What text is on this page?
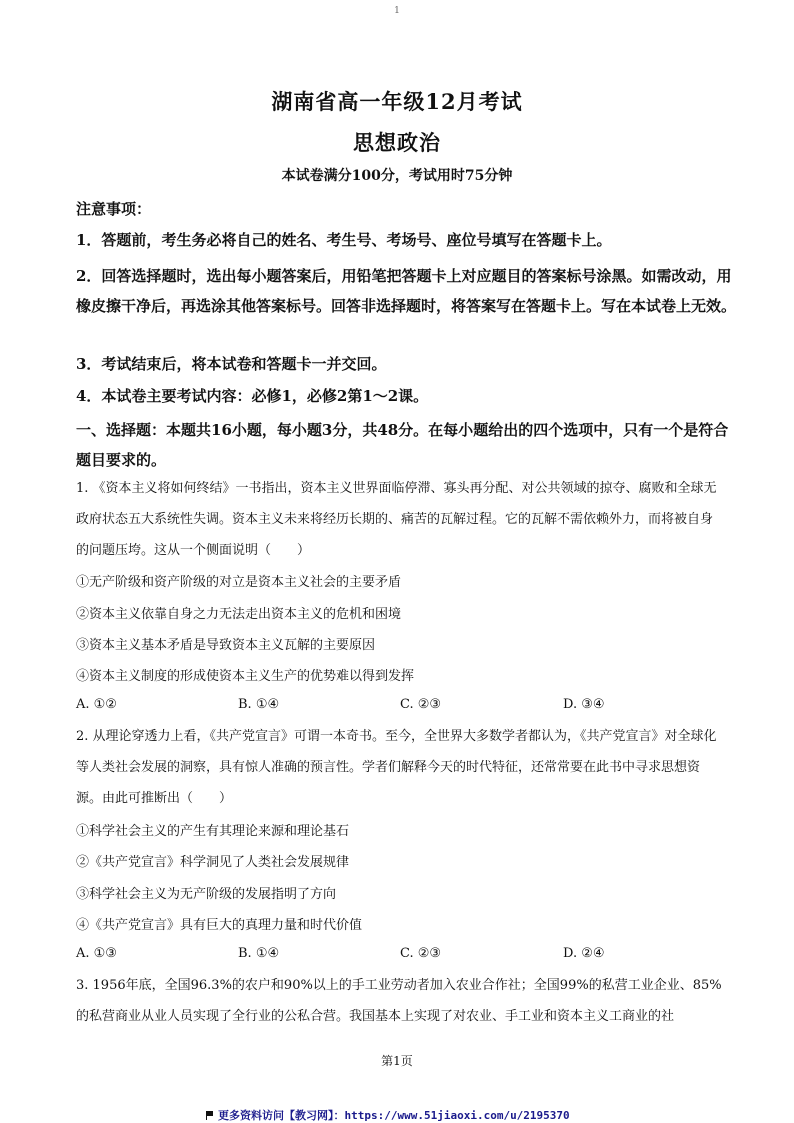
1
湖南省高一年级12月考试
思想政治
本试卷满分100分，考试用时75分钟
注意事项：
1．答题前，考生务必将自己的姓名、考生号、考场号、座位号填写在答题卡上。
2．回答选择题时，选出每小题答案后，用铅笔把答题卡上对应题目的答案标号涂黑。如需改动，用橡皮擦干净后，再选涂其他答案标号。回答非选择题时，将答案写在答题卡上。写在本试卷上无效。
3．考试结束后，将本试卷和答题卡一并交回。
4．本试卷主要考试内容：必修1，必修2第1～2课。
一、选择题：本题共16小题，每小题3分，共48分。在每小题给出的四个选项中，只有一个是符合题目要求的。
1. 《资本主义将如何终结》一书指出，资本主义世界面临停滞、寡头再分配、对公共领域的掠夺、腐败和全球无政府状态五大系统性失调。资本主义未来将经历长期的、痛苦的瓦解过程。它的瓦解不需依赖外力，而将被自身的问题压垮。这从一个侧面说明（　　）
①无产阶级和资产阶级的对立是资本主义社会的主要矛盾
②资本主义依靠自身之力无法走出资本主义的危机和困境
③资本主义基本矛盾是导致资本主义瓦解的主要原因
④资本主义制度的形成使资本主义生产的优势难以得到发挥
A. ①②	B. ①④	C. ②③	D. ③④
2. 从理论穿透力上看，《共产党宣言》可谓一本奇书。至今，全世界大多数学者都认为，《共产党宣言》对全球化等人类社会发展的洞察，具有惊人准确的预言性。学者们解释今天的时代特征，还常常要在此书中寻求思想资源。由此可推断出（　　）
①科学社会主义的产生有其理论来源和理论基石
②《共产党宣言》科学洞见了人类社会发展规律
③科学社会主义为无产阶级的发展指明了方向
④《共产党宣言》具有巨大的真理力量和时代价值
A. ①③	B. ①④	C. ②③	D. ②④
3. 1956年底，全国96.3%的农户和90%以上的手工业劳动者加入农业合作社；全国99%的私营工业企业、85%的私营商业从业人员实现了全行业的公私合营。我国基本上实现了对农业、手工业和资本主义工商业的社
第1页
更多资料访问【教习网】：https://www.51jiaoxi.com/u/2195370
